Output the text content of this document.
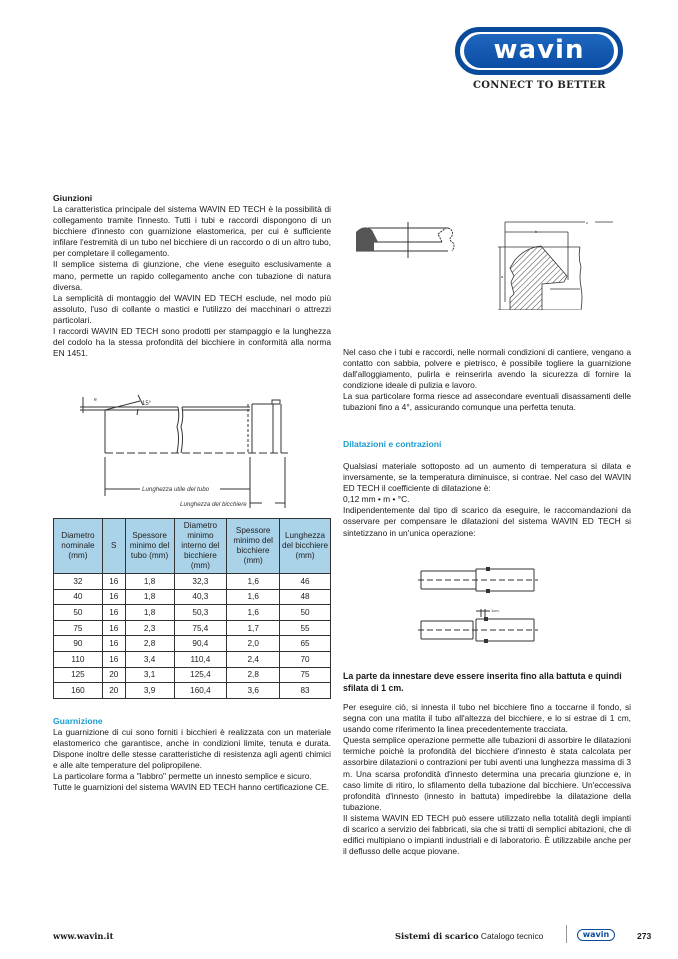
wavin
CONNECT TO BETTER

Giunzioni

La caratteristica principale del sistema WAVIN ED TECH è la possibilità di collegamento tramite l'innesto. Tutti i tubi e raccordi dispongono di un bicchiere d'innesto con guarnizione elastomerica, per cui è sufficiente infilare l'estremità di un tubo nel bicchiere di un raccordo o di un altro tubo, per completare il collegamento.

Il semplice sistema di giunzione, che viene eseguito esclusivamente a mano, permette un rapido collegamento anche con tubazione di natura diversa.

La semplicità di montaggio del WAVIN ED TECH esclude, nel modo più assoluto, l'uso di collante o mastici e l'utilizzo dei macchinari o attrezzi particolari.

I raccordi WAVIN ED TECH sono prodotti per stampaggio e la lunghezza del codolo ha la stessa profondità del bicchiere in conformità alla norma EN 1451.

e
15°
Lunghezza utile del tubo
Lunghezza del bicchiere
Diametro nominale (mm)	S	Spessore minimo del tubo (mm)	Diametro minimo interno del bicchiere (mm)	Spessore minimo del bicchiere (mm)	Lunghezza del bicchiere (mm)
32	16	1,8	32,3	1,6	46
40	16	1,8	40,3	1,6	48
50	16	1,8	50,3	1,6	50
75	16	2,3	75,4	1,7	55
90	16	2,8	90,4	2,0	65
110	16	3,4	110,4	2,4	70
125	20	3,1	125,4	2,8	75
160	20	3,9	160,4	3,6	83

Guarnizione

La guarnizione di cui sono forniti i bicchieri è realizzata con un materiale elastomerico che garantisce, anche in condizioni limite, tenuta e durata. Dispone inoltre delle stesse caratteristiche di resistenza agli agenti chimici e alle alte temperature del polipropilene.

La particolare forma a "labbro" permette un innesto semplice e sicuro.

Tutte le guarnizioni del sistema WAVIN ED TECH hanno certificazione CE.

c
b
a

Nel caso che i tubi e raccordi, nelle normali condizioni di cantiere, vengano a contatto con sabbia, polvere e pietrisco, è possibile togliere la guarnizione dall'alloggiamento, pulirla e reinserirla avendo la sicurezza di fornire la condizione ideale di pulizia e lavoro.

La sua particolare forma riesce ad assecondare eventuali disassamenti delle tubazioni fino a 4°, assicurando comunque una perfetta tenuta.

Dilatazioni e contrazioni

Qualsiasi materiale sottoposto ad un aumento di temperatura si dilata e inversamente, se la temperatura diminuisce, si contrae. Nel caso del WAVIN ED TECH il coefficiente di dilatazione è:

0,12 mm • m • °C.

Indipendentemente dal tipo di scarico da eseguire, le raccomandazioni da osservare per compensare le dilatazioni del sistema WAVIN ED TECH si sintetizzano in un'unica operazione:

1cm.

La parte da innestare deve essere inserita fino alla battuta e quindi sfilata di 1 cm.

Per eseguire ciò, si innesta il tubo nel bicchiere fino a toccarne il fondo, si segna con una matita il tubo all'altezza del bicchiere, e lo si estrae di 1 cm, usando come riferimento la linea precedentemente tracciata.

Questa semplice operazione permette alle tubazioni di assorbire le dilatazioni termiche poichè la profondità del bicchiere d'innesto è stata calcolata per assorbire dilatazioni o contrazioni per tubi aventi una lunghezza massima di 3 m. Una scarsa profondità d'innesto determina una precaria giunzione e, in caso limite di ritiro, lo sfilamento della tubazione dal bicchiere. Un'eccessiva profondità d'innesto (innesto in battuta) impedirebbe la dilatazione della tubazione.

Il sistema WAVIN ED TECH può essere utilizzato nella totalità degli impianti di scarico a servizio dei fabbricati, sia che si tratti di semplici abitazioni, che di edifici multipiano o impianti industriali e di laboratorio. È utilizzabile anche per il deflusso delle acque piovane.

www.wavin.it	Sistemi di scarico Catalogo tecnico	wavin	273
